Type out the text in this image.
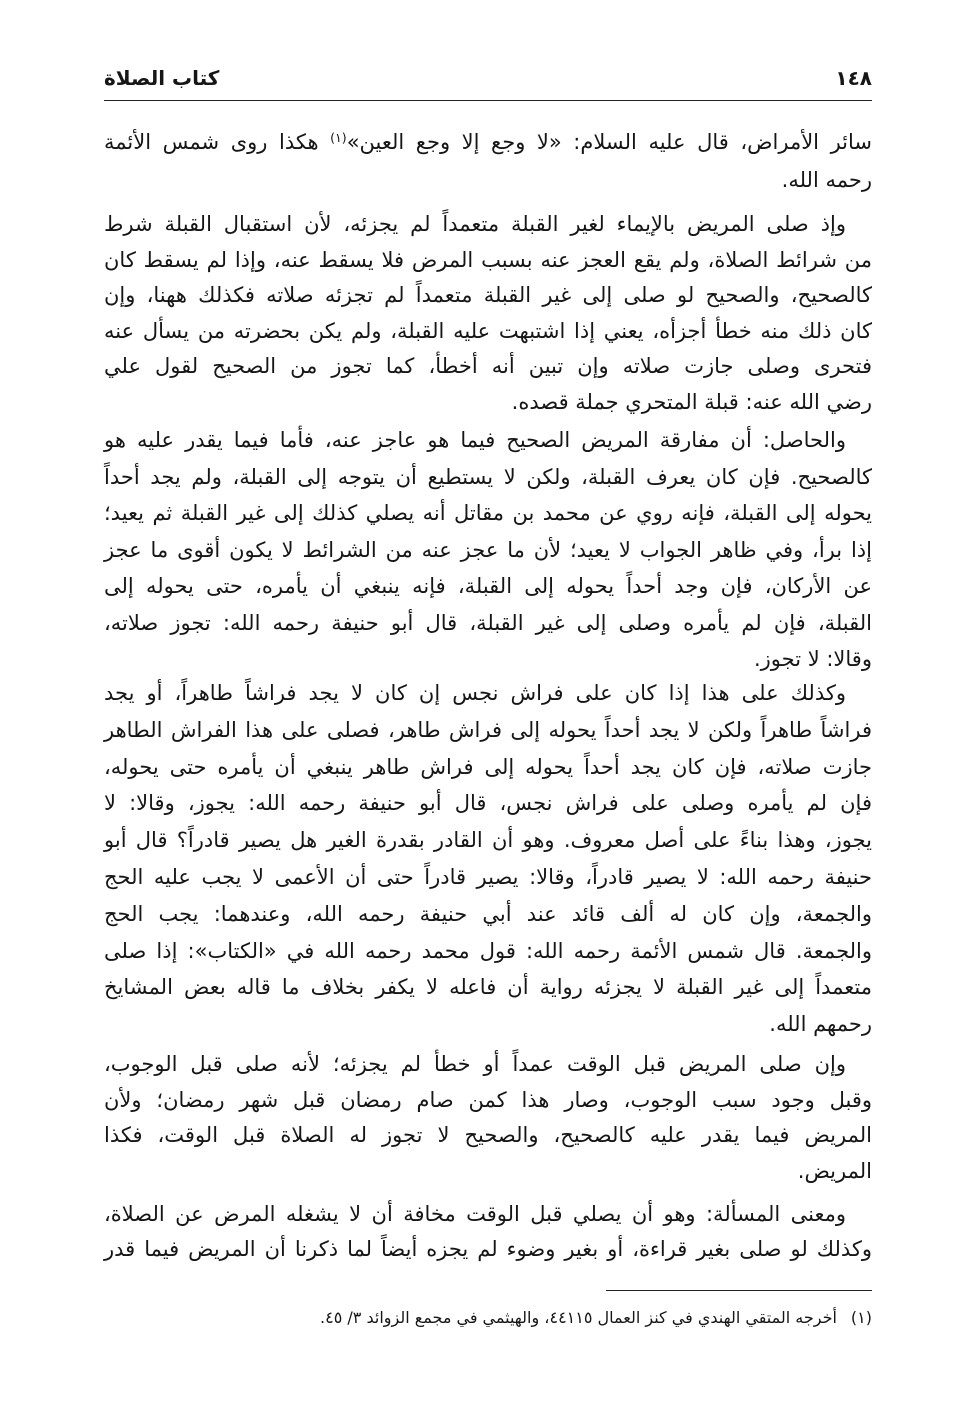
١٤٨
كتاب الصلاة
سائر الأمراض، قال عليه السلام: «لا وجع إلا وجع العين»$^{(١)}$ هكذا روى شمس الأئمة
رحمه الله.
وإذ صلى المريض بالإيماء لغير القبلة متعمداً لم يجزئه، لأن استقبال القبلة شرط
من شرائط الصلاة، ولم يقع العجز عنه بسبب المرض فلا يسقط عنه، وإذا لم يسقط كان
كالصحيح، والصحيح لو صلى إلى غير القبلة متعمداً لم تجزئه صلاته فكذلك ههنا، وإن
كان ذلك منه خطأ أجزأه، يعني إذا اشتبهت عليه القبلة، ولم يكن بحضرته من يسأل عنه
فتحرى وصلى جازت صلاته وإن تبين أنه أخطأ، كما تجوز من الصحيح لقول علي
رضي الله عنه: قبلة المتحري جملة قصده.
والحاصل: أن مفارقة المريض الصحيح فيما هو عاجز عنه، فأما فيما يقدر عليه هو
كالصحيح. فإن كان يعرف القبلة، ولكن لا يستطيع أن يتوجه إلى القبلة، ولم يجد أحداً
يحوله إلى القبلة، فإنه روي عن محمد بن مقاتل أنه يصلي كذلك إلى غير القبلة ثم يعيد؛
إذا برأ، وفي ظاهر الجواب لا يعيد؛ لأن ما عجز عنه من الشرائط لا يكون أقوى ما عجز
عن الأركان، فإن وجد أحداً يحوله إلى القبلة، فإنه ينبغي أن يأمره، حتى يحوله إلى
القبلة، فإن لم يأمره وصلى إلى غير القبلة، قال أبو حنيفة رحمه الله: تجوز صلاته،
وقالا: لا تجوز.
وكذلك على هذا إذا كان على فراش نجس إن كان لا يجد فراشاً طاهراً، أو يجد
فراشاً طاهراً ولكن لا يجد أحداً يحوله إلى فراش طاهر، فصلى على هذا الفراش الطاهر
جازت صلاته، فإن كان يجد أحداً يحوله إلى فراش طاهر ينبغي أن يأمره حتى يحوله،
فإن لم يأمره وصلى على فراش نجس، قال أبو حنيفة رحمه الله: يجوز، وقالا: لا
يجوز، وهذا بناءً على أصل معروف. وهو أن القادر بقدرة الغير هل يصير قادراً؟ قال أبو
حنيفة رحمه الله: لا يصير قادراً، وقالا: يصير قادراً حتى أن الأعمى لا يجب عليه الحج
والجمعة، وإن كان له ألف قائد عند أبي حنيفة رحمه الله، وعندهما: يجب الحج
والجمعة. قال شمس الأئمة رحمه الله: قول محمد رحمه الله في «الكتاب»: إذا صلى
متعمداً إلى غير القبلة لا يجزئه رواية أن فاعله لا يكفر بخلاف ما قاله بعض المشايخ
رحمهم الله.
وإن صلى المريض قبل الوقت عمداً أو خطأ لم يجزئه؛ لأنه صلى قبل الوجوب،
وقبل وجود سبب الوجوب، وصار هذا كمن صام رمضان قبل شهر رمضان؛ ولأن
المريض فيما يقدر عليه كالصحيح، والصحيح لا تجوز له الصلاة قبل الوقت، فكذا
المريض.
ومعنى المسألة: وهو أن يصلي قبل الوقت مخافة أن لا يشغله المرض عن الصلاة،
وكذلك لو صلى بغير قراءة، أو بغير وضوء لم يجزه أيضاً لما ذكرنا أن المريض فيما قدر
(١)أخرجه المتقي الهندي في كنز العمال ٤٤١١٥، والهيثمي في مجمع الزوائد ٣/ ٤٥.
